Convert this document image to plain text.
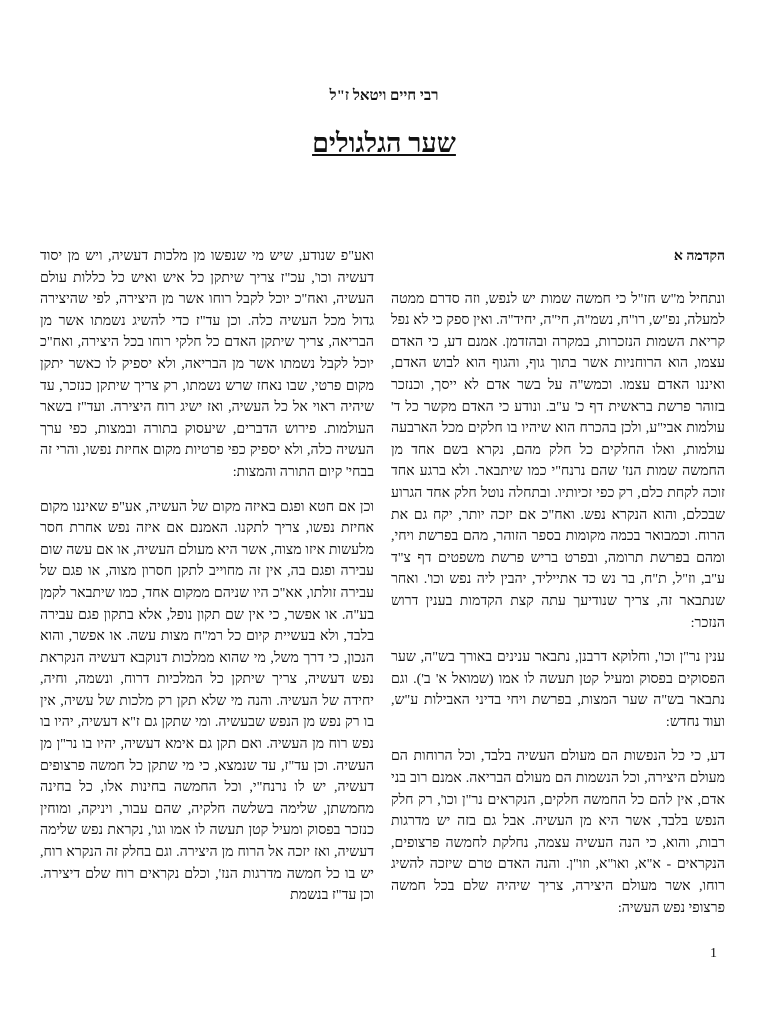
רבי חיים ויטאל ז"ל
שער הגלגולים
הקדמה א

ונתחיל מ"ש חז"ל כי חמשה שמות יש לנפש, וזה סדרם ממטה למעלה, נפ"ש, רו"ח, נשמ"ה, חי"ה, יחיד"ה. ואין ספק כי לא נפל קריאת השמות הנזכרות, במקרה ובהזדמן. אמנם דע, כי האדם עצמו, הוא הרוחניות אשר בתוך גוף, והגוף הוא לבוש האדם, ואיננו האדם עצמו. וכמש"ה על בשר אדם לא ייסך, וכנזכר בזוהר פרשת בראשית דף כ' ע"ב. ונודע כי האדם מקשר כל ד' עולמות אבי"ע, ולכן בהכרח הוא שיהיו בו חלקים מכל הארבעה עולמות, ואלו החלקים כל חלק מהם, נקרא בשם אחד מן החמשה שמות הנז' שהם נרנח"י כמו שיתבאר. ולא ברגע אחד זוכה לקחת כלם, רק כפי זכיותיו. ובתחלה נוטל חלק אחד הגרוע שבכלם, והוא הנקרא נפש. ואח"כ אם יזכה יותר, יקח גם את הרוח. וכמבואר בכמה מקומות בספר הזוהר, מהם בפרשת ויחי, ומהם בפרשת תרומה, ובפרט בריש פרשת משפטים דף צ"ד ע"ב, וז"ל, ת"ח, בר נש כד אתייליד, יהבין ליה נפש וכו'. ואחר שנתבאר זה, צריך שנודיעך עתה קצת הקדמות בענין דרוש הנזכר:

ענין נר"ן וכו', וחלוקא דרבנן, נתבאר ענינים באורך בש"ה, שער הפסוקים בפסוק ומעיל קטן תעשה לו אמו (שמואל א' ב'). וגם נתבאר בש"ה שער המצות, בפרשת ויחי בדיני האבילות ע"ש, ועוד נחדש:

דע, כי כל הנפשות הם מעולם העשיה בלבד, וכל הרוחות הם מעולם היצירה, וכל הנשמות הם מעולם הבריאה. אמנם רוב בני אדם, אין להם כל החמשה חלקים, הנקראים נר"ן וכו', רק חלק הנפש בלבד, אשר היא מן העשיה. אבל גם בזה יש מדרגות רבות, והוא, כי הנה העשיה עצמה, נחלקת לחמשה פרצופים, הנקראים - א"א, ואו"א, וזו"ן. והנה האדם טרם שיזכה להשיג רוחו, אשר מעולם היצירה, צריך שיהיה שלם בכל חמשה פרצופי נפש העשיה:

ואע"פ שנודע, שיש מי שנפשו מן מלכות דעשיה, ויש מן יסוד דעשיה וכו', עכ"ז צריך שיתקן כל איש ואיש כל כללות עולם העשיה, ואח"כ יוכל לקבל רוחו אשר מן היצירה, לפי שהיצירה גדול מכל העשיה כלה. וכן עד"ז כדי להשיג נשמתו אשר מן הבריאה, צריך שיתקן האדם כל חלקי רוחו בכל היצירה, ואח"כ יוכל לקבל נשמתו אשר מן הבריאה, ולא יספיק לו כאשר יתקן מקום פרטי, שבו נאחז שרש נשמתו, רק צריך שיתקן כנזכר, עד שיהיה ראוי אל כל העשיה, ואז ישיג רוח היצירה. ועד"ז בשאר העולמות. פירוש הדברים, שיעסוק בתורה ובמצות, כפי ערך העשיה כלה, ולא יספיק כפי פרטיות מקום אחיזת נפשו, והרי זה בבחי' קיום התורה והמצות:

וכן אם חטא ופגם באיזה מקום של העשיה, אע"פ שאיננו מקום אחיזת נפשו, צריך לתקנו. האמנם אם איזה נפש אחרת חסר מלעשות איזו מצוה, אשר היא מעולם העשיה, או אם עשה שום עבירה ופגם בה, אין זה מחוייב לתקן חסרון מצוה, או פגם של עבירה זולתו, אא"כ היו שניהם ממקום אחד, כמו שיתבאר לקמן בע"ה. או אפשר, כי אין שם תקון נופל, אלא בתקון פגם עבירה בלבד, ולא בעשיית קיום כל רמ"ח מצות עשה. או אפשר, והוא הנכון, כי דרך משל, מי שהוא ממלכות דנוקבא דעשיה הנקראת נפש דעשיה, צריך שיתקן כל המלכיות דרוח, ונשמה, וחיה, יחידה של העשיה. והנה מי שלא תקן רק מלכות של עשיה, אין בו רק נפש מן הנפש שבעשיה. ומי שתקן גם ז"א דעשיה, יהיו בו נפש רוח מן העשיה. ואם תקן גם אימא דעשיה, יהיו בו נר"ן מן העשיה. וכן עד"ז, עד שנמצא, כי מי שתקן כל חמשה פרצופים דעשיה, יש לו נרנח"י, וכל החמשה בחינות אלו, כל בחינה מחמשתן, שלימה בשלשה חלקיה, שהם עבור, ויניקה, ומוחין כנזכר בפסוק ומעיל קטן תעשה לו אמו וגו', נקראת נפש שלימה דעשיה, ואז יזכה אל הרוח מן היצירה. וגם בחלק זה הנקרא רוח, יש בו כל חמשה מדרגות הנז', וכלם נקראים רוח שלם דיצירה. וכן עד"ז בנשמת

1
